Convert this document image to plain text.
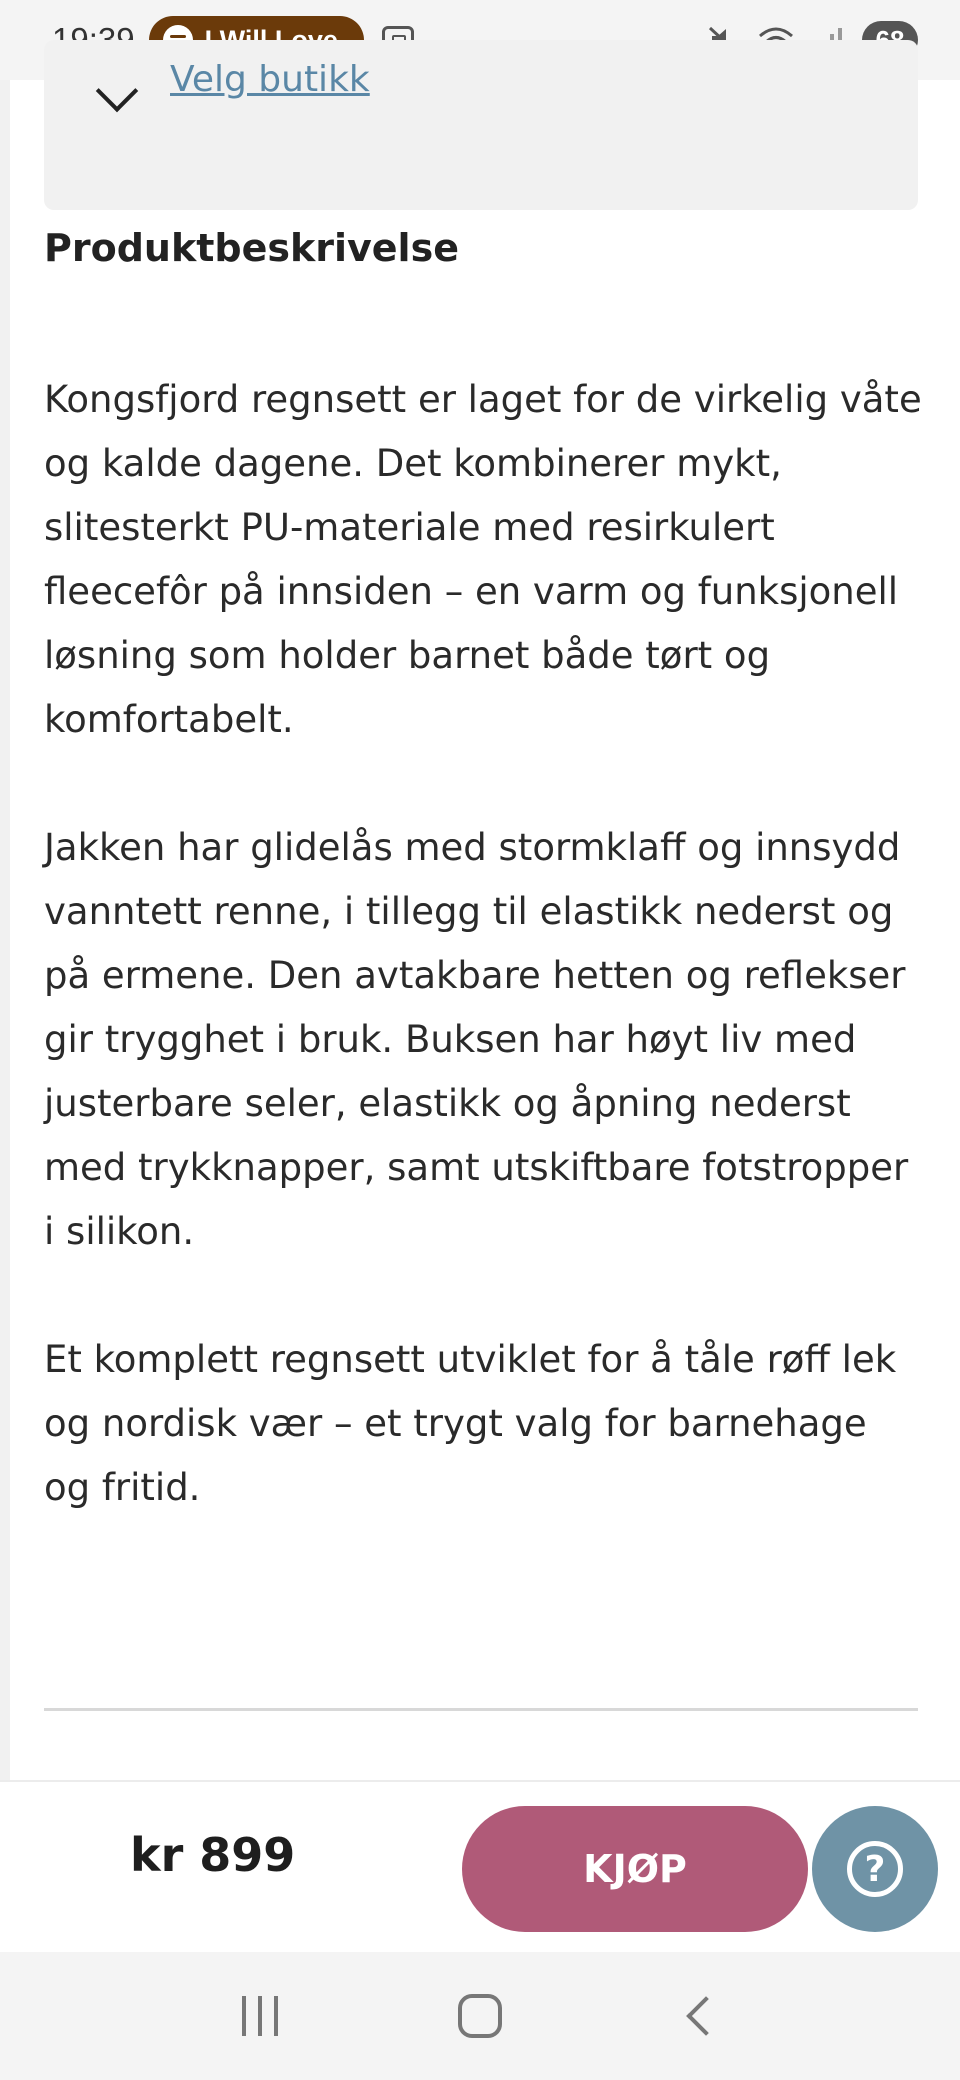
Velg butikk
Produktbeskrivelse

Kongsfjord regnsett er laget for de virkelig våte og kalde dagene. Det kombinerer mykt, slitesterkt PU-materiale med resirkulert fleecefôr på innsiden – en varm og funksjonell løsning som holder barnet både tørt og komfortabelt.

Jakken har glidelås med stormklaff og innsydd vanntett renne, i tillegg til elastikk nederst og på ermene. Den avtakbare hetten og reflekser gir trygghet i bruk. Buksen har høyt liv med justerbare seler, elastikk og åpning nederst med trykknapper, samt utskiftbare fotstropper i silikon.

Et komplett regnsett utviklet for å tåle røff lek og nordisk vær – et trygt valg for barnehage og fritid.

kr 899	KJØP	?
